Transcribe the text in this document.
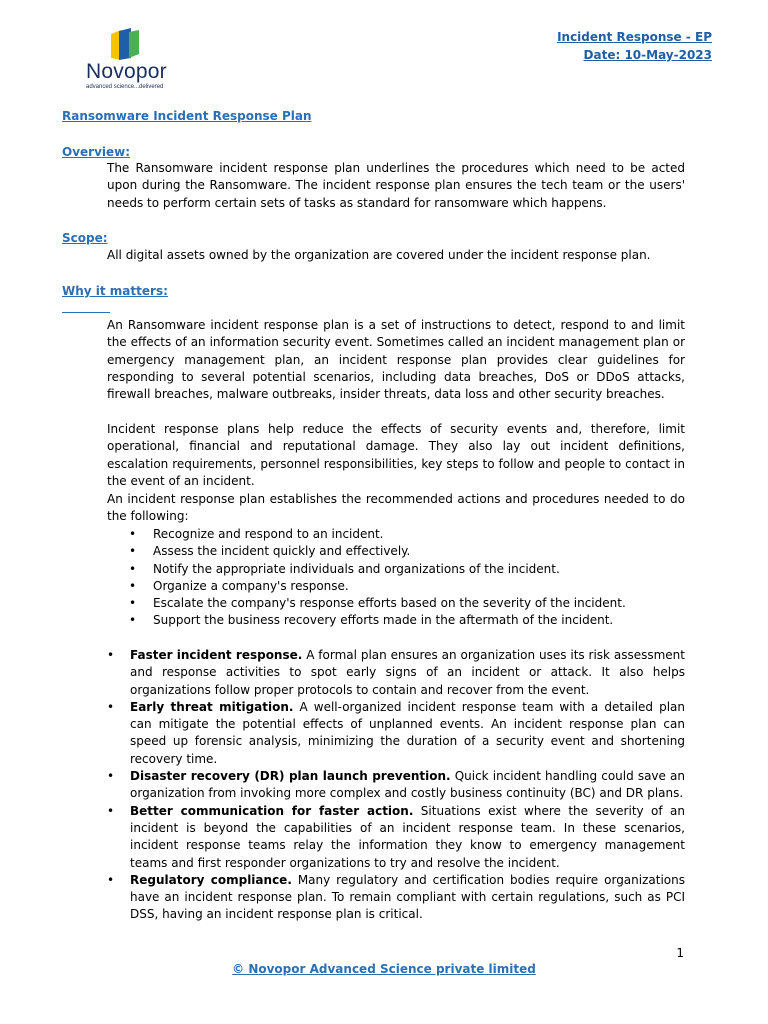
Novopor
advanced science...delivered
Incident Response - EP
Date: 10-May-2023
Ransomware Incident Response Plan
Overview:

The Ransomware incident response plan underlines the procedures which need to be acted upon during the Ransomware. The incident response plan ensures the tech team or the users' needs to perform certain sets of tasks as standard for ransomware which happens.

Scope:

All digital assets owned by the organization are covered under the incident response plan.

Why it matters:

An Ransomware incident response plan is a set of instructions to detect, respond to and limit the effects of an information security event. Sometimes called an incident management plan or emergency management plan, an incident response plan provides clear guidelines for responding to several potential scenarios, including data breaches, DoS or DDoS attacks, firewall breaches, malware outbreaks, insider threats, data loss and other security breaches.

Incident response plans help reduce the effects of security events and, therefore, limit operational, financial and reputational damage. They also lay out incident definitions, escalation requirements, personnel responsibilities, key steps to follow and people to contact in the event of an incident.

An incident response plan establishes the recommended actions and procedures needed to do the following:

• Recognize and respond to an incident.
• Assess the incident quickly and effectively.
• Notify the appropriate individuals and organizations of the incident.
• Organize a company's response.
• Escalate the company's response efforts based on the severity of the incident.
• Support the business recovery efforts made in the aftermath of the incident.
• Faster incident response. A formal plan ensures an organization uses its risk assessment and response activities to spot early signs of an incident or attack. It also helps organizations follow proper protocols to contain and recover from the event.
• Early threat mitigation. A well-organized incident response team with a detailed plan can mitigate the potential effects of unplanned events. An incident response plan can speed up forensic analysis, minimizing the duration of a security event and shortening recovery time.
• Disaster recovery (DR) plan launch prevention. Quick incident handling could save an organization from invoking more complex and costly business continuity (BC) and DR plans.
• Better communication for faster action. Situations exist where the severity of an incident is beyond the capabilities of an incident response team. In these scenarios, incident response teams relay the information they know to emergency management teams and first responder organizations to try and resolve the incident.
• Regulatory compliance. Many regulatory and certification bodies require organizations have an incident response plan. To remain compliant with certain regulations, such as PCI DSS, having an incident response plan is critical.
1
© Novopor Advanced Science private limited
